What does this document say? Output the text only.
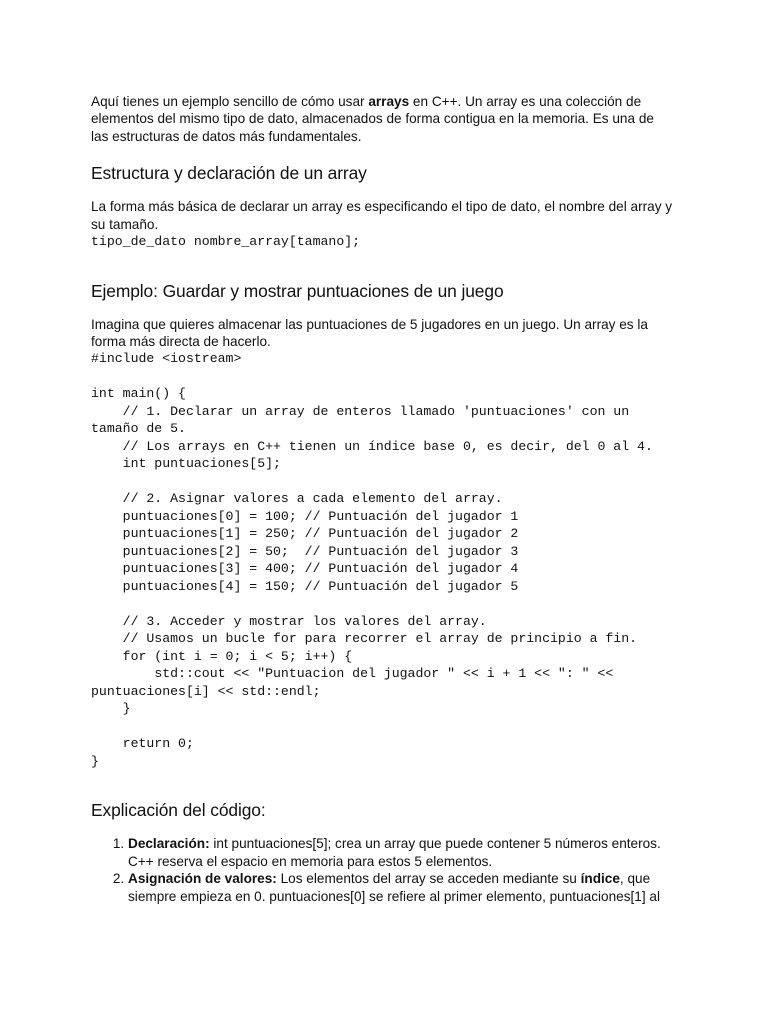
Aquí tienes un ejemplo sencillo de cómo usar arrays en C++. Un array es una colección de elementos del mismo tipo de dato, almacenados de forma contigua en la memoria. Es una de las estructuras de datos más fundamentales.

Estructura y declaración de un array

La forma más básica de declarar un array es especificando el tipo de dato, el nombre del array y su tamaño.

tipo_de_dato nombre_array[tamano];
Ejemplo: Guardar y mostrar puntuaciones de un juego

Imagina que quieres almacenar las puntuaciones de 5 jugadores en un juego. Un array es la forma más directa de hacerlo.

#include <iostream>

int main() {
// 1. Declarar un array de enteros llamado 'puntuaciones' con un tamaño de 5.
// Los arrays en C++ tienen un índice base 0, es decir, del 0 al 4.
int puntuaciones[5];

// 2. Asignar valores a cada elemento del array.
puntuaciones[0] = 100; // Puntuación del jugador 1
puntuaciones[1] = 250; // Puntuación del jugador 2
puntuaciones[2] = 50;  // Puntuación del jugador 3
puntuaciones[3] = 400; // Puntuación del jugador 4
puntuaciones[4] = 150; // Puntuación del jugador 5

// 3. Acceder y mostrar los valores del array.
// Usamos un bucle for para recorrer el array de principio a fin.
for (int i = 0; i < 5; i++) {
std::cout << "Puntuacion del jugador " << i + 1 << ": " << puntuaciones[i] << std::endl;
}

return 0;
}
Explicación del código:
1. Declaración: int puntuaciones[5]; crea un array que puede contener 5 números enteros. C++ reserva el espacio en memoria para estos 5 elementos.
2. Asignación de valores: Los elementos del array se acceden mediante su índice, que siempre empieza en 0. puntuaciones[0] se refiere al primer elemento, puntuaciones[1] al
